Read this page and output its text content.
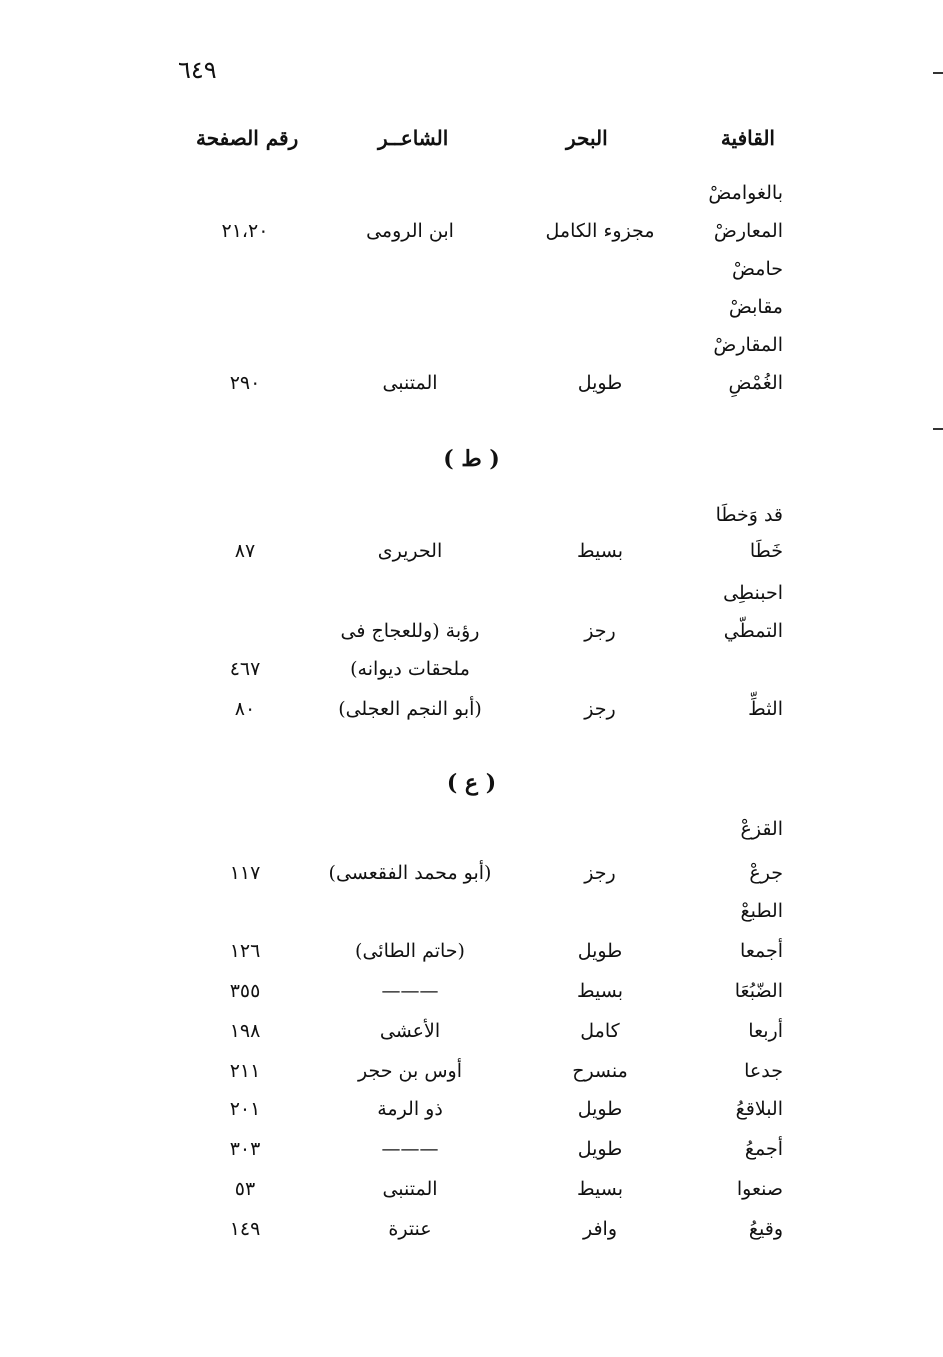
٦٤٩
القافية
البحر
الشاعــر
رقم الصفحة
بالغوامضْ
المعارضْ
مجزوء الكامل
ابن الرومى
٢١،٢٠
حامضْ
مقابضْ
المقارضْ
الغُمْضِ
طويل
المتنبى
٢٩٠
قد وَخطَا
خَطَا
بسيط
الحريرى
٨٧
احبنطِى
التمطّي
رجز
رؤبة (وللعجاج فى
ملحقات ديوانه)
٤٦٧
الثطِّ
رجز
(أبو النجم العجلى)
٨٠
القزعْ
جرعْ
رجز
(أبو محمد الفقعسى)
١١٧
الطبعْ
أجمعا
طويل
(حاتم الطائى)
١٢٦
الضّبُعَا
بسيط
———
٣٥٥
أربعا
كامل
الأعشى
١٩٨
جدعا
منسرح
أوس بن حجر
٢١١
البلاقعُ
طويل
ذو الرمة
٢٠١
أجمعُ
طويل
———
٣٠٣
صنعوا
بسيط
المتنبى
٥٣
وقيعُ
وافر
عنترة
١٤٩
( ط )
( ع )
